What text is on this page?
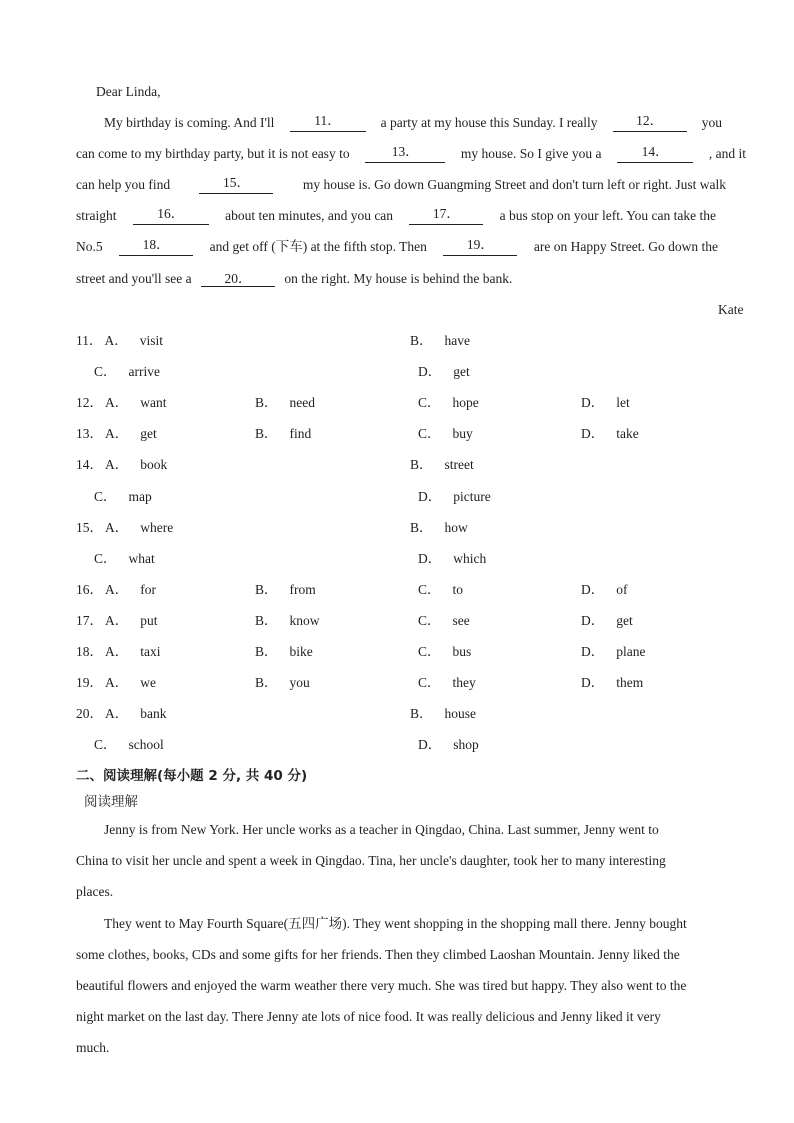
Dear Linda,
My birthday is coming. And I'll	11．	a party at my house this Sunday. I really	12．	you
can come to my birthday party, but it is not easy to	13．	my house. So I give you a	14．	, and it
can help you find	15．	my house is. Go down Guangming Street and don't turn left or right. Just walk
straight	16．	about ten minutes, and you can	17．	a bus stop on your left. You can take the
No.5	18．	and get off (下车) at the fifth stop. Then	19．	are on Happy Street. Go down the
street and you'll see a 20． on the right. My house is behind the bank.
Kate
11． A． visit	B． have
C． arrive	D． get
12． A． want	B． need	C． hope	D． let
13． A． get	B． find	C． buy	D． take
14． A． book	B． street
C． map	D． picture
15． A． where	B． how
C． what	D． which
16． A． for	B． from	C． to	D． of
17． A． put	B． know	C． see	D． get
18． A． taxi	B． bike	C． bus	D． plane
19． A． we	B． you	C． they	D． them
20． A． bank	B． house
C． school	D． shop
二、阅读理解(每小题 2 分, 共 40 分)
阅读理解
Jenny is from New York. Her uncle works as a teacher in Qingdao, China. Last summer, Jenny went to
China to visit her uncle and spent a week in Qingdao. Tina, her uncle's daughter, took her to many interesting
places.
They went to May Fourth Square(五四广场). They went shopping in the shopping mall there. Jenny bought
some clothes, books, CDs and some gifts for her friends. Then they climbed Laoshan Mountain. Jenny liked the
beautiful flowers and enjoyed the warm weather there very much. She was tired but happy. They also went to the
night market on the last day. There Jenny ate lots of nice food. It was really delicious and Jenny liked it very
much.
